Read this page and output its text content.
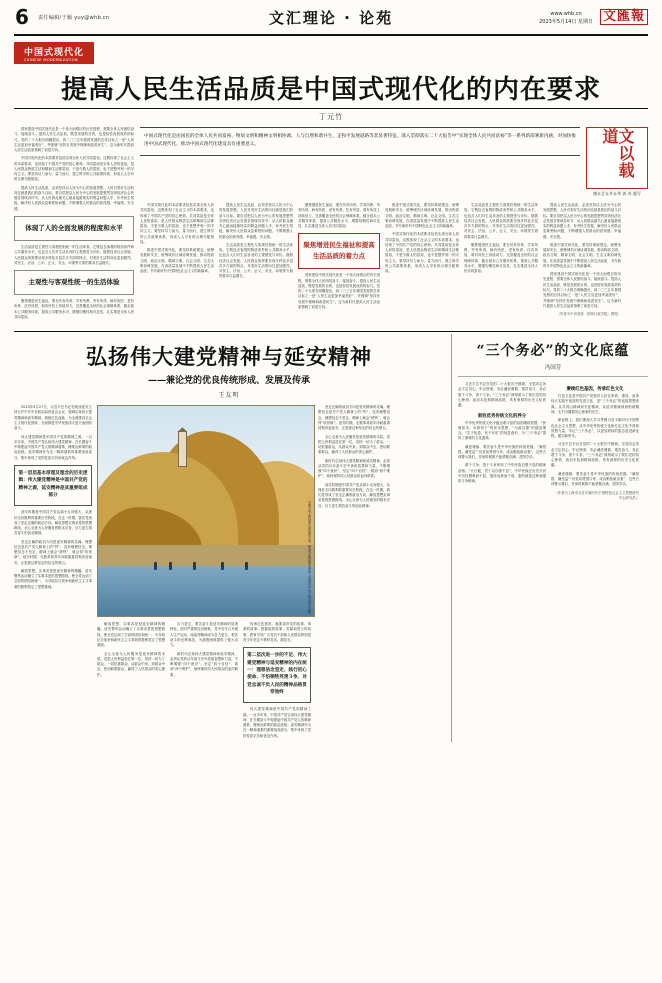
6 责任编辑/于颖 yuy@whb.cn	文汇理论 · 论苑	www.whb.cn
2023年5月14日 星期日 文匯報
中国式现代化
CHINESE MODERNIZATION
提高人民生活品质是中国式现代化的内在要求
丁元竹

国家建设中国式现代化是一个伟大而艰巨的历史进程，需要全体人民团结奋斗、接续奋斗。提高人民生活品质，既是发展的目的，也是检验发展成效的标尺。党的二十大报告明确提出，到二〇三五年我国发展的总体目标之一是“人民生活更加幸福美好”，并强调“坚持在发展中保障和改善民生”。这为新时代提高人民生活品质指明了前进方向。

中国式现代化的本质要求包括实现全体人民共同富裕，这既体现了社会主义的本质要求，也体现了中国共产党的初心使命。共同富裕是全体人民的富裕，是人民群众物质生活和精神生活都富裕，不是少数人的富裕，也不是整齐划一的平均主义。要坚持尽力而为、量力而行，建立科学的公共政策体系，形成人人享有的合理分配格局。

提高人民生活品质，必须坚持以人民为中心的发展思想。人民对美好生活的向往就是我们的奋斗目标。要自觉把以人民为中心的发展思想贯穿到经济社会发展各领域各环节，从人民群众最关心最直接最现实的利益问题入手，补齐民生短板，解决好人民群众急难愁盼问题，不断增强人民群众的获得感、幸福感、安全感。

体现了人的全面发展的程度和水平

生活品质是主观性与客观性相统一的生活体验。它既包含客观的物质条件和公共服务水平，也包含人们对生活状况的主观感受与评价。随着经济社会发展，人民群众的需要呈现多样化多层次多方面的特点，对美好生活的向往更加强烈，对民主、法治、公平、正义、安全、环境等方面的要求日益增长。

主观性与客观性统一的生活体验

聚焦增进民生福祉，要在幼有所育、学有所教、劳有所得、病有所医、老有所养、住有所居、弱有所扶上持续用力，完善覆盖全民的社会保障体系，健全基本公共服务体系，提高公共服务水平，增强均衡性和可及性，扎实推进全体人民共同富裕。

中国式现代化是由国民的全体人民共同富裕、物质文明和精神文明相协调、人与自然和谐共生、走和平发展道路等其显著特征。深入贯彻落实二十大报告中“实现全体人民共同富裕”等一系列新部署新内涵，对加快推进中国式现代化、推动中国式现代化建设具有重要意义。	文以载道
德＆艺＆并＆举 郭 奇 题写

中国式现代化的本质要求包括实现全体人民共同富裕，这既体现了社会主义的本质要求，也体现了中国共产党的初心使命。共同富裕是全体人民的富裕，是人民群众物质生活和精神生活都富裕，不是少数人的富裕，也不是整齐划一的平均主义。要坚持尽力而为、量力而行，建立科学的公共政策体系，形成人人享有的合理分配格局。

推进中国式现代化，要坚持系统观念，统筹发展和安全，统筹城乡区域协调发展，推动物质文明、政治文明、精神文明、社会文明、生态文明协调发展，在高质量发展中不断提高人民生活品质，书写新时代中国特色社会主义的新篇章。

提高人民生活品质，必须坚持以人民为中心的发展思想。人民对美好生活的向往就是我们的奋斗目标。要自觉把以人民为中心的发展思想贯穿到经济社会发展各领域各环节，从人民群众最关心最直接最现实的利益问题入手，补齐民生短板，解决好人民群众急难愁盼问题，不断增强人民群众的获得感、幸福感、安全感。

生活品质是主观性与客观性相统一的生活体验。它既包含客观的物质条件和公共服务水平，也包含人们对生活状况的主观感受与评价。随着经济社会发展，人民群众的需要呈现多样化多层次多方面的特点，对美好生活的向往更加强烈，对民主、法治、公平、正义、安全、环境等方面的要求日益增长。

聚焦增进民生福祉，要在幼有所育、学有所教、劳有所得、病有所医、老有所养、住有所居、弱有所扶上持续用力，完善覆盖全民的社会保障体系，健全基本公共服务体系，提高公共服务水平，增强均衡性和可及性，扎实推进全体人民共同富裕。

聚焦增进民生福祉和提高生活品质的着力点

国家建设中国式现代化是一个伟大而艰巨的历史进程，需要全体人民团结奋斗、接续奋斗。提高人民生活品质，既是发展的目的，也是检验发展成效的标尺。党的二十大报告明确提出，到二〇三五年我国发展的总体目标之一是“人民生活更加幸福美好”，并强调“坚持在发展中保障和改善民生”。这为新时代提高人民生活品质指明了前进方向。

推进中国式现代化，要坚持系统观念，统筹发展和安全，统筹城乡区域协调发展，推动物质文明、政治文明、精神文明、社会文明、生态文明协调发展，在高质量发展中不断提高人民生活品质，书写新时代中国特色社会主义的新篇章。

中国式现代化的本质要求包括实现全体人民共同富裕，这既体现了社会主义的本质要求，也体现了中国共产党的初心使命。共同富裕是全体人民的富裕，是人民群众物质生活和精神生活都富裕，不是少数人的富裕，也不是整齐划一的平均主义。要坚持尽力而为、量力而行，建立科学的公共政策体系，形成人人享有的合理分配格局。

生活品质是主观性与客观性相统一的生活体验。它既包含客观的物质条件和公共服务水平，也包含人们对生活状况的主观感受与评价。随着经济社会发展，人民群众的需要呈现多样化多层次多方面的特点，对美好生活的向往更加强烈，对民主、法治、公平、正义、安全、环境等方面的要求日益增长。

聚焦增进民生福祉，要在幼有所育、学有所教、劳有所得、病有所医、老有所养、住有所居、弱有所扶上持续用力，完善覆盖全民的社会保障体系，健全基本公共服务体系，提高公共服务水平，增强均衡性和可及性，扎实推进全体人民共同富裕。

提高人民生活品质，必须坚持以人民为中心的发展思想。人民对美好生活的向往就是我们的奋斗目标。要自觉把以人民为中心的发展思想贯穿到经济社会发展各领域各环节，从人民群众最关心最直接最现实的利益问题入手，补齐民生短板，解决好人民群众急难愁盼问题，不断增强人民群众的获得感、幸福感、安全感。

推进中国式现代化，要坚持系统观念，统筹发展和安全，统筹城乡区域协调发展，推动物质文明、政治文明、精神文明、社会文明、生态文明协调发展，在高质量发展中不断提高人民生活品质，书写新时代中国特色社会主义的新篇章。

国家建设中国式现代化是一个伟大而艰巨的历史进程，需要全体人民团结奋斗、接续奋斗。提高人民生活品质，既是发展的目的，也是检验发展成效的标尺。党的二十大报告明确提出，到二〇三五年我国发展的总体目标之一是“人民生活更加幸福美好”，并强调“坚持在发展中保障和改善民生”。这为新时代提高人民生活品质指明了前进方向。

（作者为中央党校〈国家行政学院〉教授）
弘扬伟大建党精神与延安精神
——兼论党的优良传统形成、发展及传承
王友明

2023年5月27日，习近平总书记在陕西延安主持召开中共中央政治局常委会会议，强调弘扬伟大建党精神和延安精神，赓续红色血脉，为全面建设社会主义现代化国家、全面推进中华民族伟大复兴而团结奋斗。

伟大建党精神是中国共产党的精神之源。一百多年来，中国共产党弘扬伟大建党精神，在长期奋斗中构建起中国共产党人的精神谱系，锤炼出鲜明的政治品格。延安精神作为这一精神谱系的重要组成部分，集中体现了党的性质宗旨和优良作风。

第一层层基本原理及理念的历史逻辑：伟大建党精神是中国共产党的精神之源，延安精神是其重要组成部分

延安时期是中国共产党从弱小走向强大、从挫折走向胜利的重要历史阶段。在这一时期，我们党形成了坚定正确的政治方向、解放思想实事求是的思想路线、全心全意为人民服务的根本宗旨、自力更生艰苦奋斗的创业精神。

坚定正确的政治方向是延安精神的灵魂。理想信念是共产党人精神上的“钙”，没有理想信念，理想信念不坚定，精神上就会“缺钙”，就会得“软骨病”。延安时期，无数革命青年冲破重重封锁奔赴延安，正是被这种坚定的信念所感召。

解放思想、实事求是是延安精神的精髓。延安整风运动确立了实事求是的思想路线，使全党达到了空前的团结和统一，为夺取抗日战争和新民主主义革命的胜利奠定了思想基础。	宝塔山下的延河水奔流不息，革命圣地延安见证了中国共产党人的奋斗历程

解放思想、实事求是是延安精神的精髓。延安整风运动确立了实事求是的思想路线，使全党达到了空前的团结和统一，为夺取抗日战争和新民主主义革命的胜利奠定了思想基础。

全心全意为人民服务是延安精神的本质。党把人民利益放在第一位，坚持一切为了群众、一切依靠群众，从群众中来、到群众中去，密切联系群众，赢得了人民群众的衷心拥护。

自力更生、艰苦奋斗是延安精神的显著特征。面对严重的经济困难，党中央号召开展大生产运动，南泥湾精神成为自力更生、艰苦奋斗的光辉典范，为战胜困难提供了强大动力。

新时代弘扬伟大建党精神和延安精神，必须从党的百年奋斗史中汲取智慧和力量，不断增强“四个意识”、坚定“四个自信”、做到“两个维护”，始终保持同人民群众的血肉联系。

传承红色基因，就要讲好党的故事、革命的故事、根据地的故事、英雄和烈士的故事，教育引导广大党员干部和人民群众特别是青少年坚定不移听党话、跟党走。

第二层次进一步的不足、伟大建党精神与延安精神的内在统一：理想信念坚定、践行初心使命、不怕牺牲英勇斗争、对党忠诚不负人民的精神品格贯穿始终

伟大建党精神是中国共产党的精神之源。一百多年来，中国共产党弘扬伟大建党精神，在长期奋斗中构建起中国共产党人的精神谱系，锤炼出鲜明的政治品格。延安精神作为这一精神谱系的重要组成部分，集中体现了党的性质宗旨和优良作风。

坚定正确的政治方向是延安精神的灵魂。理想信念是共产党人精神上的“钙”，没有理想信念，理想信念不坚定，精神上就会“缺钙”，就会得“软骨病”。延安时期，无数革命青年冲破重重封锁奔赴延安，正是被这种坚定的信念所感召。

全心全意为人民服务是延安精神的本质。党把人民利益放在第一位，坚持一切为了群众、一切依靠群众，从群众中来、到群众中去，密切联系群众，赢得了人民群众的衷心拥护。

新时代弘扬伟大建党精神和延安精神，必须从党的百年奋斗史中汲取智慧和力量，不断增强“四个意识”、坚定“四个自信”、做到“两个维护”，始终保持同人民群众的血肉联系。

延安时期是中国共产党从弱小走向强大、从挫折走向胜利的重要历史阶段。在这一时期，我们党形成了坚定正确的政治方向、解放思想实事求是的思想路线、全心全意为人民服务的根本宗旨、自力更生艰苦奋斗的创业精神。

“三个务必”的文化底蕴
冯国芳

习近平总书记在党的二十大报告中强调，全党同志务必不忘初心、牢记使命，务必谦虚谨慎、艰苦奋斗，务必敢于斗争、善于斗争。“三个务必”深刻昭示了我们党的初心使命、政治本色和精神品格，具有深厚的历史文化底蕴。

吸收优秀传统文化的养分

中华优秀传统文化中蕴含着丰富的治国理政智慧。“民惟邦本，本固邦宁”的民本思想、“为政以德”的德治理念、“生于忧患，死于安乐”的忧患意识，为“三个务必”提供了深厚的文化滋养。

谦虚谨慎、艰苦奋斗是中华民族的传统美德。“满招损，谦受益”“历览前贤国与家，成由勤俭破由奢”，这些古训警示我们，任何时候都不能骄傲自满、贪图享乐。

敢于斗争、善于斗争体现了中华民族自强不息的精神品格。“天行健，君子以自强不息”，中华民族在历史长河中历经磨难而不屈，饱经沧桑而不衰，靠的就是这种顽强的斗争精神。

赓续红色基因，传承红色文化

红色文化是中国共产党领导人民在革命、建设、改革伟大实践中创造的先进文化，是“三个务必”的直接思想来源。从井冈山精神到长征精神，从延安精神到西柏坡精神，无不闪耀着初心使命的光芒。

新征程上，我们要深入学习贯彻习近平新时代中国特色社会主义思想，从中华优秀传统文化和红色文化中汲取智慧力量，牢记“三个务必”，以更加昂扬的姿态奋进新征程、建功新时代。

习近平总书记在党的二十大报告中强调，全党同志务必不忘初心、牢记使命，务必谦虚谨慎、艰苦奋斗，务必敢于斗争、善于斗争。“三个务必”深刻昭示了我们党的初心使命、政治本色和精神品格，具有深厚的历史文化底蕴。

谦虚谨慎、艰苦奋斗是中华民族的传统美德。“满招损，谦受益”“历览前贤国与家，成由勤俭破由奢”，这些古训警示我们，任何时候都不能骄傲自满、贪图享乐。

（作者为上海市习近平新时代中国特色社会主义思想研究中心研究员）
